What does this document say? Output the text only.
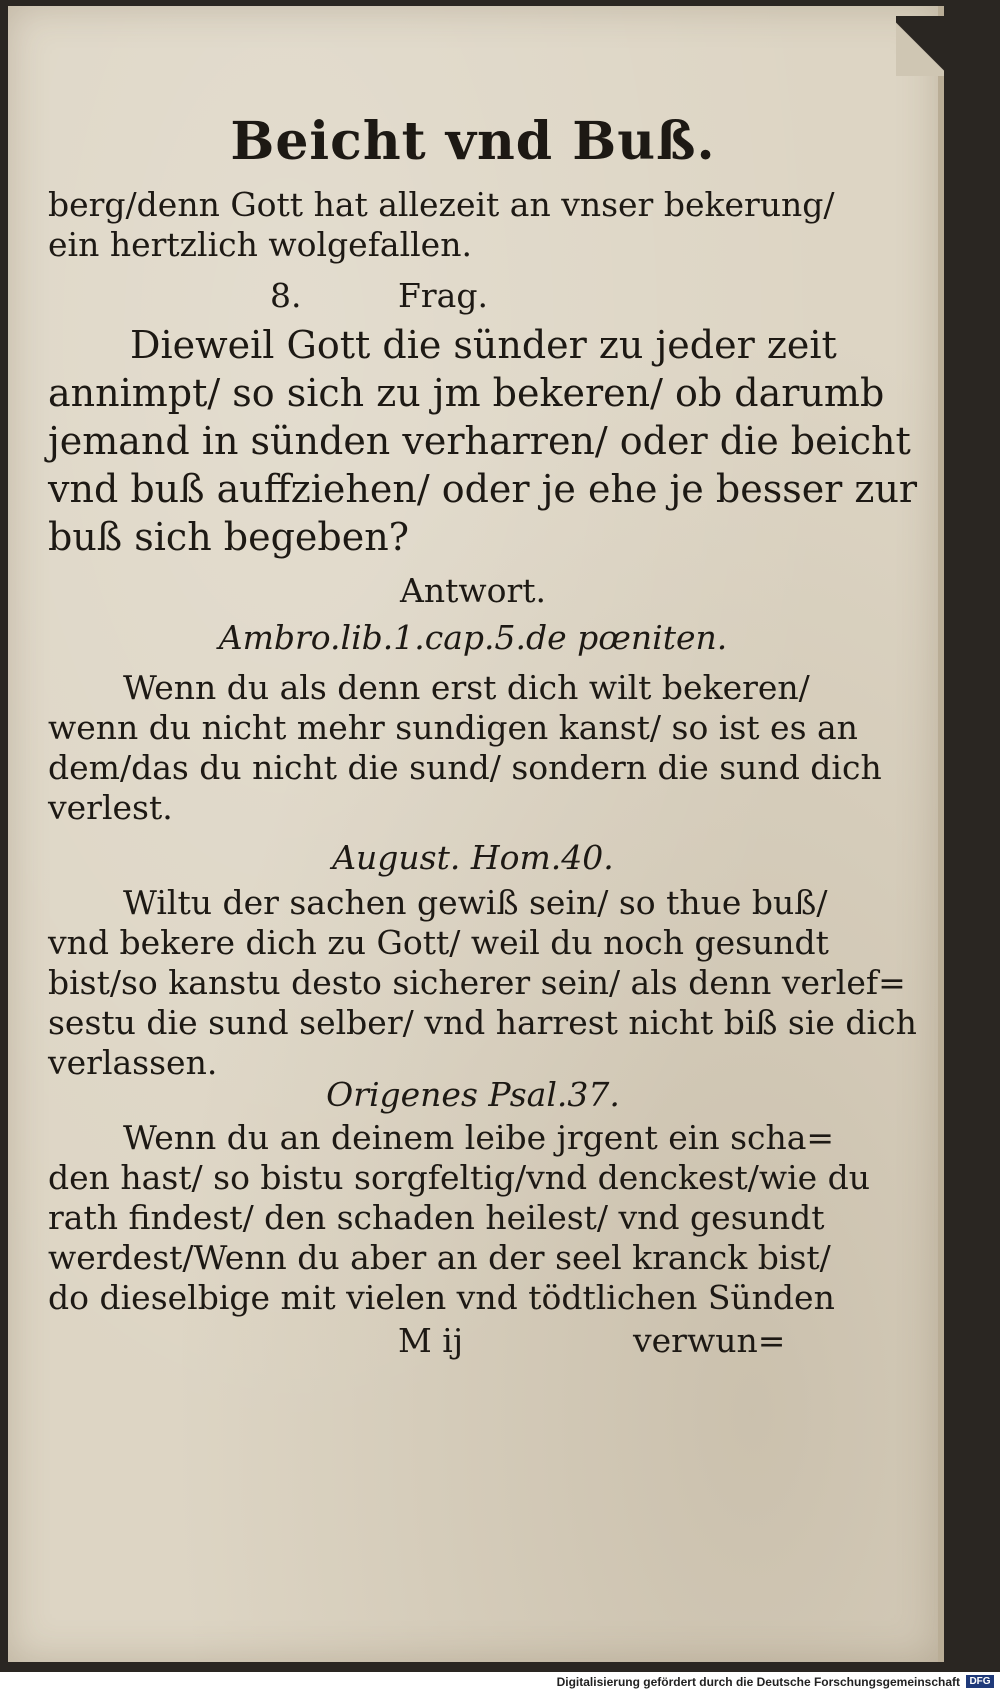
Beicht vnd Buß.
berg/denn Gott hat allezeit an vnser bekerung/
ein hertzlich wolgefallen.
8.	Frag.
Dieweil Gott die sünder zu jeder zeit
annimpt/ so sich zu jm bekeren/ ob darumb
jemand in sünden verharren/ oder die beicht
vnd buß auffziehen/ oder je ehe je besser zur
buß sich begeben?
Antwort.
Ambro.lib.1.cap.5.de pœniten.
Wenn du als denn erst dich wilt bekeren/
wenn du nicht mehr sundigen kanst/ so ist es an
dem/das du nicht die sund/ sondern die sund dich
verlest.
August. Hom.40.
Wiltu der sachen gewiß sein/ so thue buß/
vnd bekere dich zu Gott/ weil du noch gesundt
bist/so kanstu desto sicherer sein/ als denn verlef=
sestu die sund selber/ vnd harrest nicht biß sie dich
verlassen.
Origenes Psal.37.
Wenn du an deinem leibe jrgent ein scha=
den hast/ so bistu sorgfeltig/vnd denckest/wie du
rath findest/ den schaden heilest/ vnd gesundt
werdest/Wenn du aber an der seel kranck bist/
do dieselbige mit vielen vnd tödtlichen Sünden
M ij	verwun=
Digitalisierung gefördert durch die Deutsche Forschungsgemeinschaft DFG
